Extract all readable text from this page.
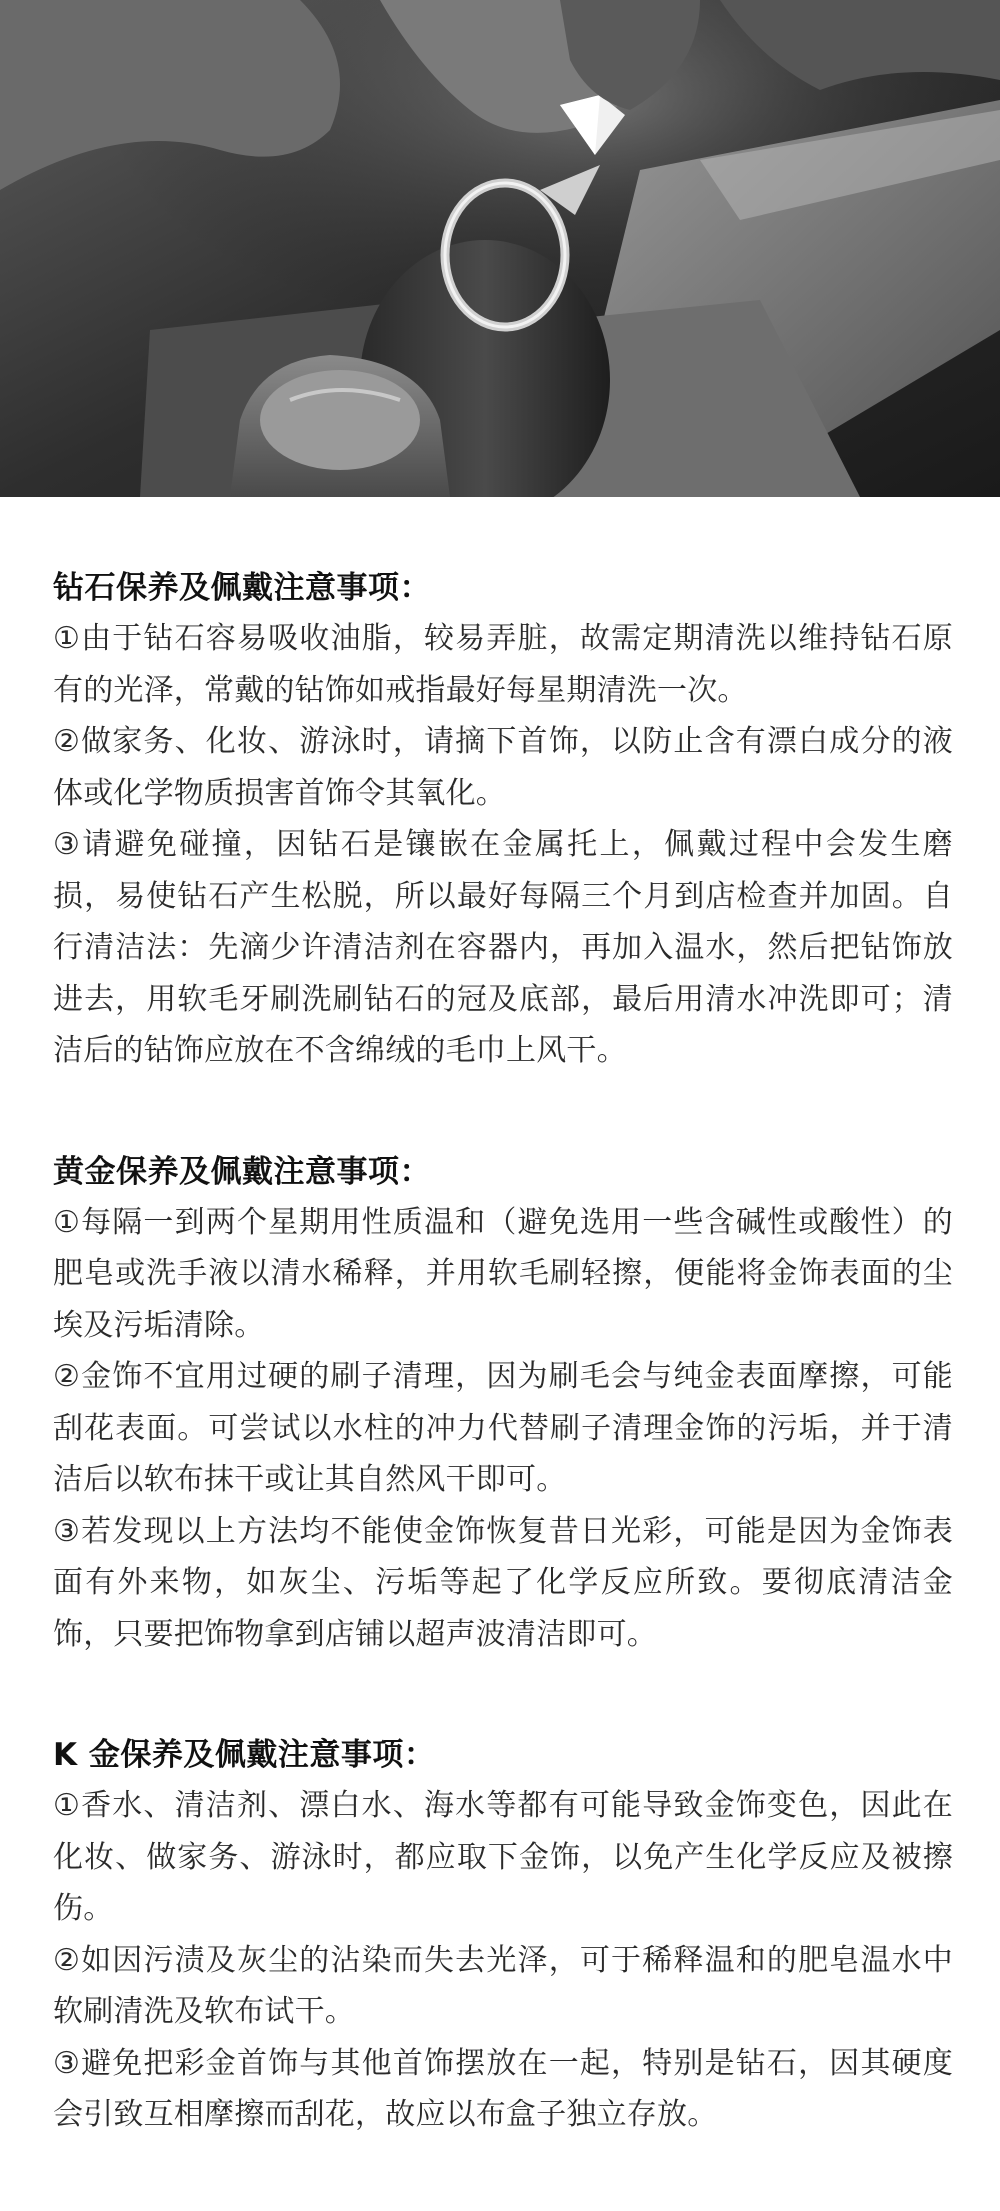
钻石保养及佩戴注意事项：

①由于钻石容易吸收油脂，较易弄脏，故需定期清洗以维持钻石原有的光泽，常戴的钻饰如戒指最好每星期清洗一次。

②做家务、化妆、游泳时，请摘下首饰，以防止含有漂白成分的液体或化学物质损害首饰令其氧化。

③请避免碰撞，因钻石是镶嵌在金属托上，佩戴过程中会发生磨损，易使钻石产生松脱，所以最好每隔三个月到店检查并加固。自行清洁法：先滴少许清洁剂在容器内，再加入温水，然后把钻饰放进去，用软毛牙刷洗刷钻石的冠及底部，最后用清水冲洗即可；清洁后的钻饰应放在不含绵绒的毛巾上风干。

黄金保养及佩戴注意事项：

①每隔一到两个星期用性质温和（避免选用一些含碱性或酸性）的肥皂或洗手液以清水稀释，并用软毛刷轻擦，便能将金饰表面的尘埃及污垢清除。

②金饰不宜用过硬的刷子清理，因为刷毛会与纯金表面摩擦，可能刮花表面。可尝试以水柱的冲力代替刷子清理金饰的污垢，并于清洁后以软布抹干或让其自然风干即可。

③若发现以上方法均不能使金饰恢复昔日光彩，可能是因为金饰表面有外来物，如灰尘、污垢等起了化学反应所致。要彻底清洁金饰，只要把饰物拿到店铺以超声波清洁即可。

K 金保养及佩戴注意事项：

①香水、清洁剂、漂白水、海水等都有可能导致金饰变色，因此在化妆、做家务、游泳时，都应取下金饰，以免产生化学反应及被擦伤。

②如因污渍及灰尘的沾染而失去光泽，可于稀释温和的肥皂温水中软刷清洗及软布试干。

③避免把彩金首饰与其他首饰摆放在一起，特别是钻石，因其硬度会引致互相摩擦而刮花，故应以布盒子独立存放。
